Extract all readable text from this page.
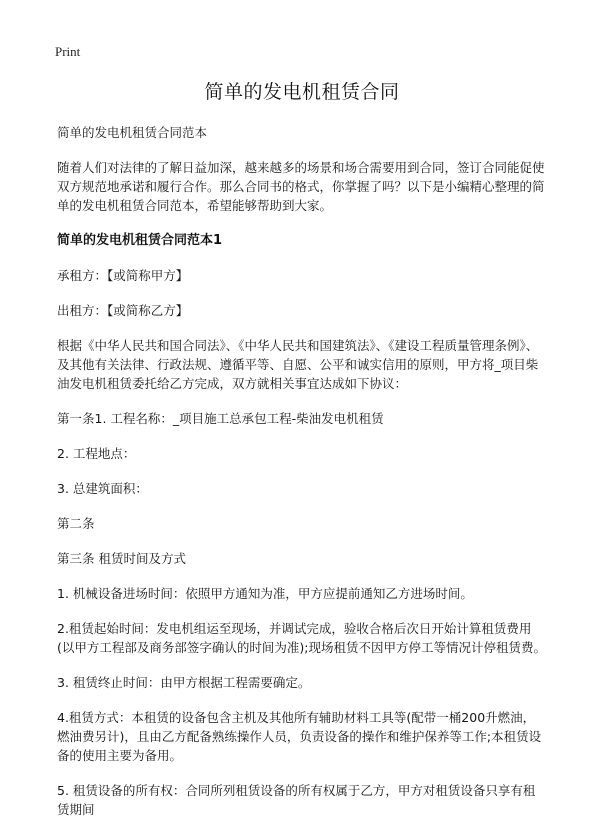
Print
简单的发电机租赁合同

简单的发电机租赁合同范本

随着人们对法律的了解日益加深，越来越多的场景和场合需要用到合同，签订合同能促使双方规范地承诺和履行合作。那么合同书的格式，你掌握了吗？以下是小编精心整理的简单的发电机租赁合同范本，希望能够帮助到大家。

简单的发电机租赁合同范本1

承租方：【或简称甲方】

出租方：【或简称乙方】

根据《中华人民共和国合同法》、《中华人民共和国建筑法》、《建设工程质量管理条例》、及其他有关法律、行政法规、遵循平等、自愿、公平和诚实信用的原则，甲方将_项目柴油发电机租赁委托给乙方完成，双方就相关事宜达成如下协议：

第一条1. 工程名称：_项目施工总承包工程-柴油发电机租赁

2. 工程地点：

3. 总建筑面积：

第二条

第三条 租赁时间及方式

1. 机械设备进场时间：依照甲方通知为准，甲方应提前通知乙方进场时间。

2.租赁起始时间：发电机组运至现场，并调试完成，验收合格后次日开始计算租赁费用(以甲方工程部及商务部签字确认的时间为准);现场租赁不因甲方停工等情况计停租赁费。

3. 租赁终止时间：由甲方根据工程需要确定。

4.租赁方式：本租赁的设备包含主机及其他所有辅助材料工具等(配带一桶200升燃油，燃油费另计)，且由乙方配备熟练操作人员，负责设备的操作和维护保养等工作;本租赁设备的使用主要为备用。

5. 租赁设备的所有权：合同所列租赁设备的所有权属于乙方，甲方对租赁设备只享有租赁期间
